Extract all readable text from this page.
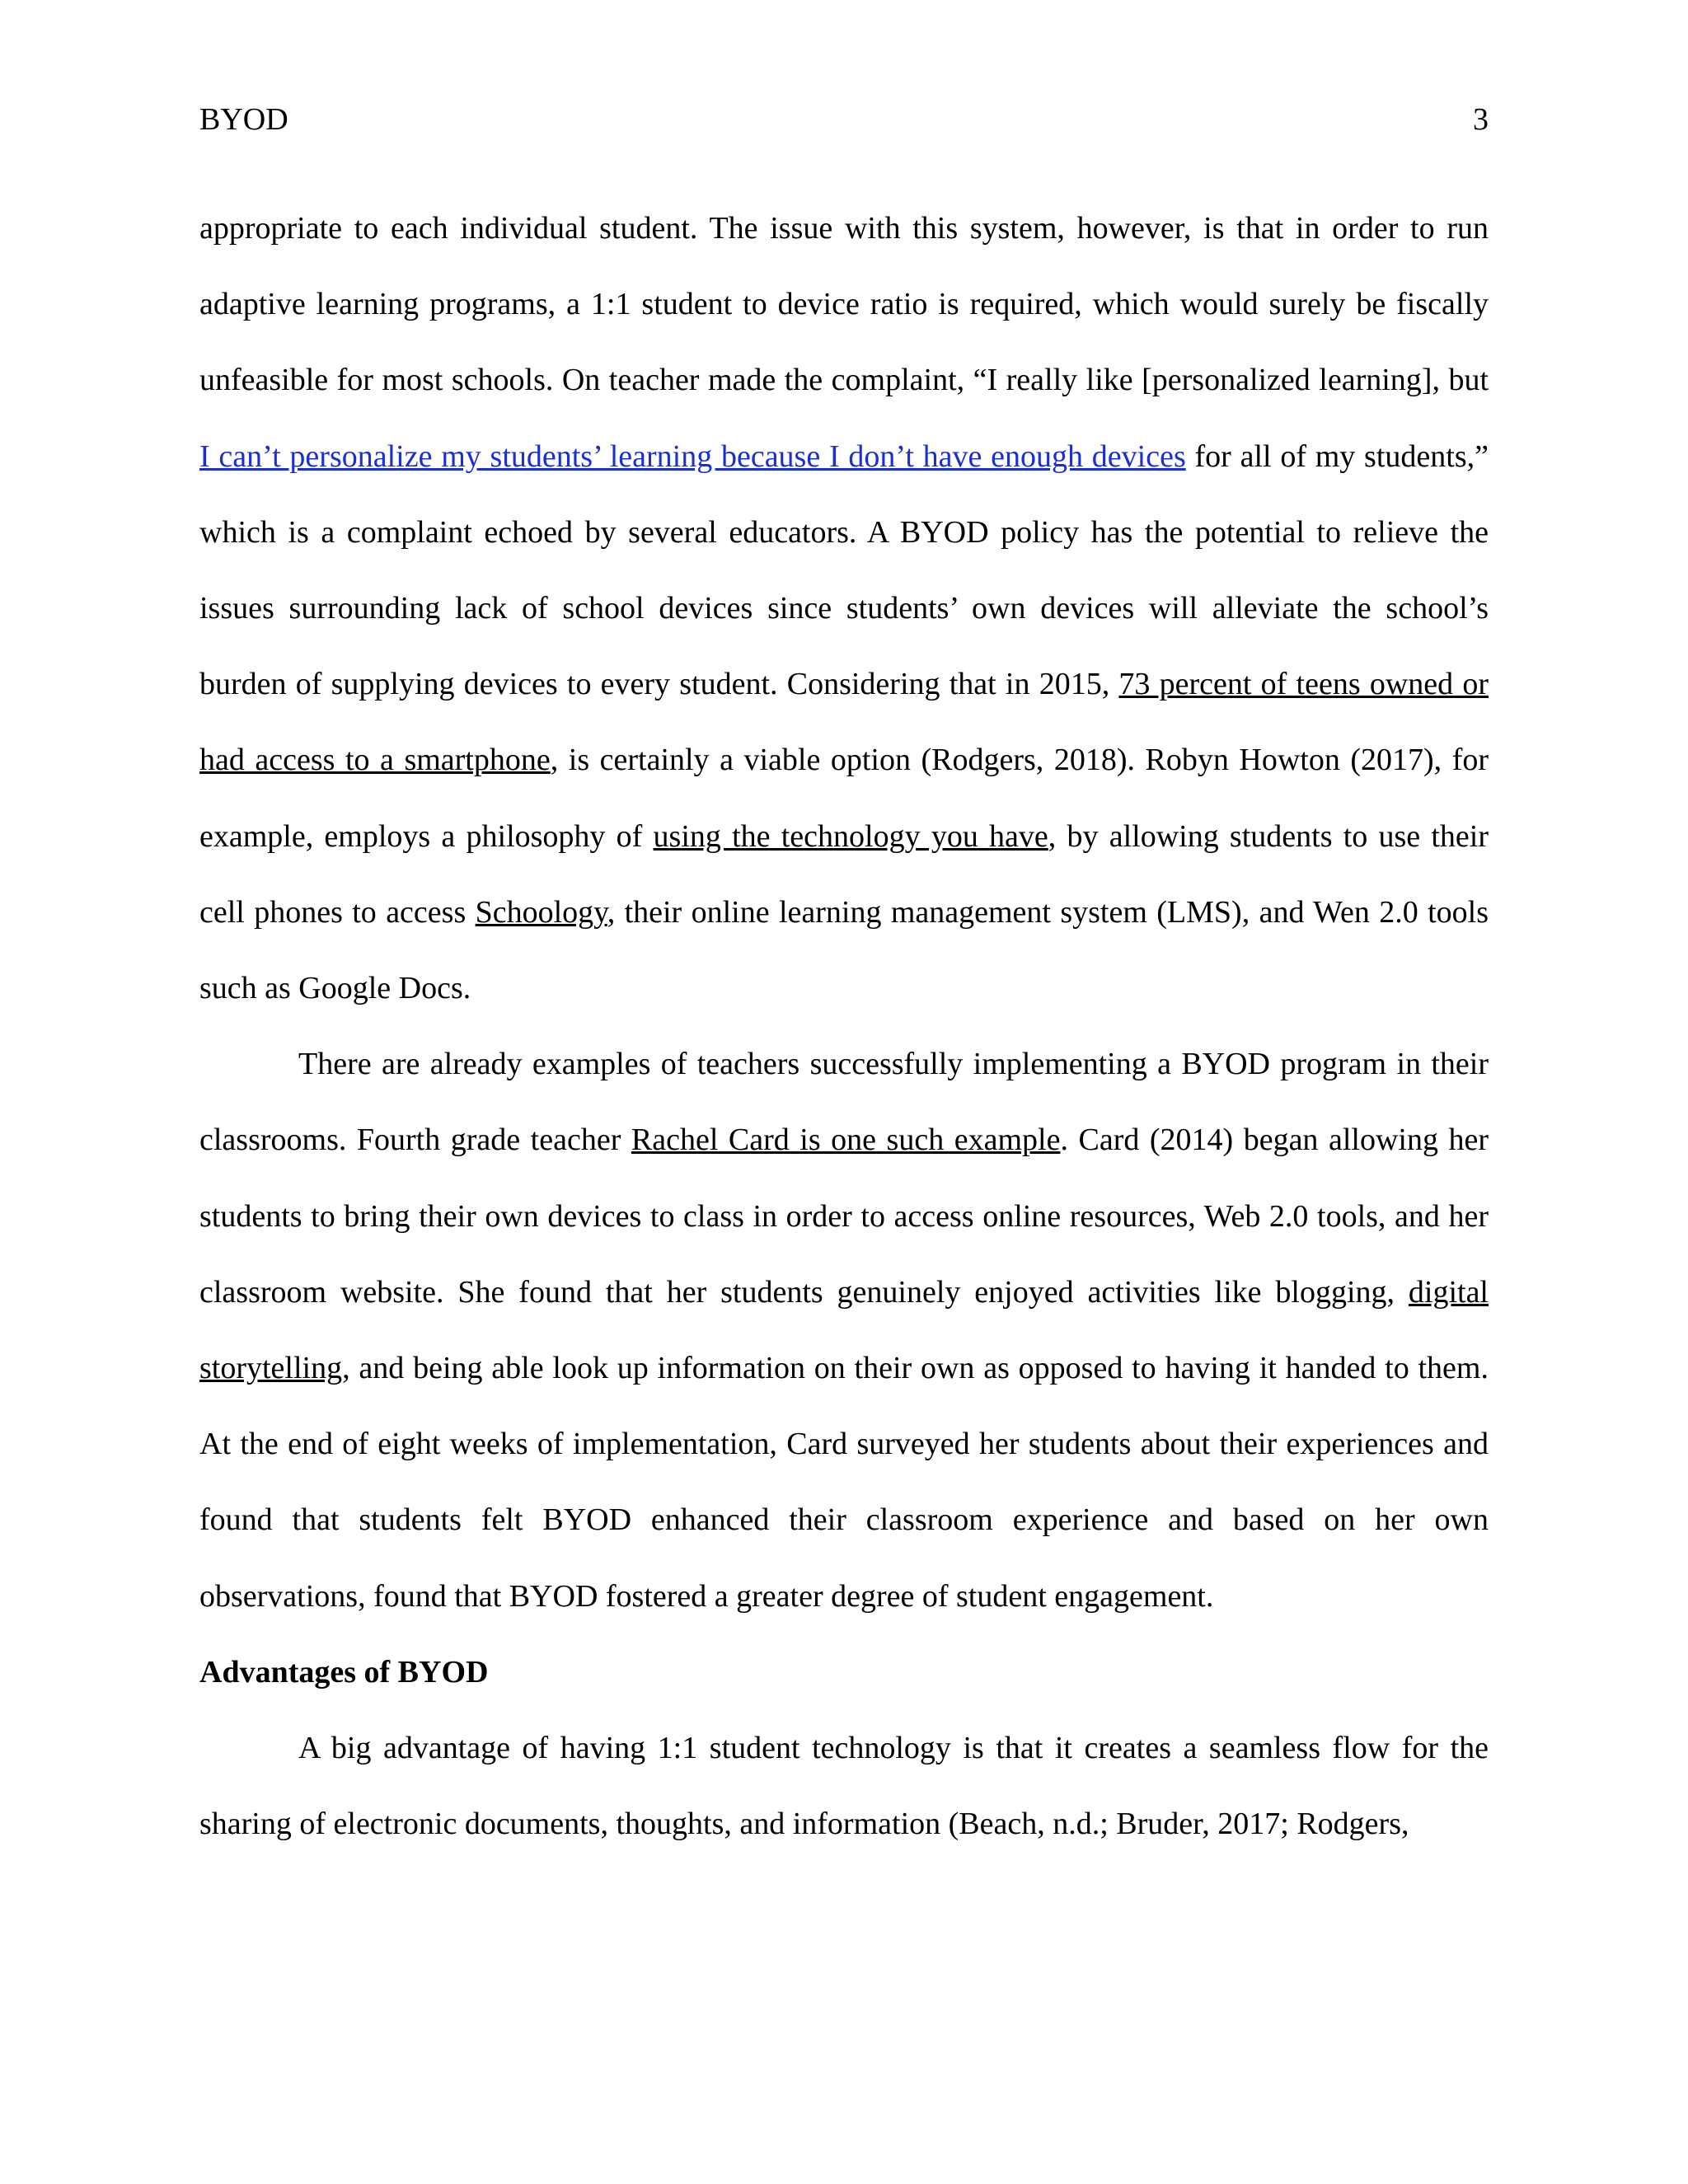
BYOD	3

appropriate to each individual student. The issue with this system, however, is that in order to run adaptive learning programs, a 1:1 student to device ratio is required, which would surely be fiscally unfeasible for most schools. On teacher made the complaint, “I really like [personalized learning], but I can’t personalize my students’ learning because I don’t have enough devices for all of my students,” which is a complaint echoed by several educators. A BYOD policy has the potential to relieve the issues surrounding lack of school devices since students’ own devices will alleviate the school’s burden of supplying devices to every student. Considering that in 2015, 73 percent of teens owned or had access to a smartphone, is certainly a viable option (Rodgers, 2018). Robyn Howton (2017), for example, employs a philosophy of using the technology you have, by allowing students to use their cell phones to access Schoology, their online learning management system (LMS), and Wen 2.0 tools such as Google Docs.

There are already examples of teachers successfully implementing a BYOD program in their classrooms. Fourth grade teacher Rachel Card is one such example. Card (2014) began allowing her students to bring their own devices to class in order to access online resources, Web 2.0 tools, and her classroom website. She found that her students genuinely enjoyed activities like blogging, digital storytelling, and being able look up information on their own as opposed to having it handed to them. At the end of eight weeks of implementation, Card surveyed her students about their experiences and found that students felt BYOD enhanced their classroom experience and based on her own observations, found that BYOD fostered a greater degree of student engagement.

Advantages of BYOD

A big advantage of having 1:1 student technology is that it creates a seamless flow for the sharing of electronic documents, thoughts, and information (Beach, n.d.; Bruder, 2017; Rodgers,
